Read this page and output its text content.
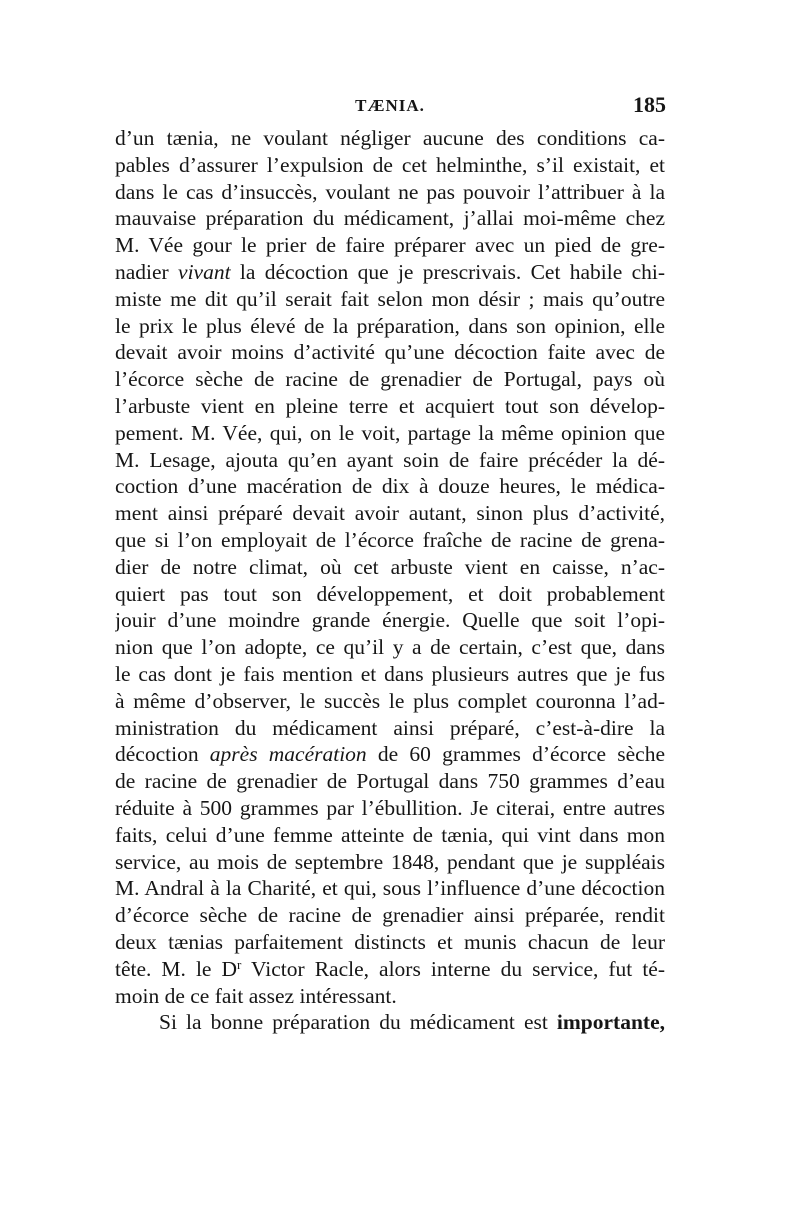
TÆNIA.	185
d’un tænia, ne voulant négliger aucune des conditions ca-
pables d’assurer l’expulsion de cet helminthe, s’il existait, et
dans le cas d’insuccès, voulant ne pas pouvoir l’attribuer à la
mauvaise préparation du médicament, j’allai moi-même chez
M. Vée gour le prier de faire préparer avec un pied de gre-
nadier vivant la décoction que je prescrivais. Cet habile chi-
miste me dit qu’il serait fait selon mon désir ; mais qu’outre
le prix le plus élevé de la préparation, dans son opinion, elle
devait avoir moins d’activité qu’une décoction faite avec de
l’écorce sèche de racine de grenadier de Portugal, pays où
l’arbuste vient en pleine terre et acquiert tout son dévelop-
pement. M. Vée, qui, on le voit, partage la même opinion que
M. Lesage, ajouta qu’en ayant soin de faire précéder la dé-
coction d’une macération de dix à douze heures, le médica-
ment ainsi préparé devait avoir autant, sinon plus d’activité,
que si l’on employait de l’écorce fraîche de racine de grena-
dier de notre climat, où cet arbuste vient en caisse, n’ac-
quiert pas tout son développement, et doit probablement
jouir d’une moindre grande énergie. Quelle que soit l’opi-
nion que l’on adopte, ce qu’il y a de certain, c’est que, dans
le cas dont je fais mention et dans plusieurs autres que je fus
à même d’observer, le succès le plus complet couronna l’ad-
ministration du médicament ainsi préparé, c’est-à-dire la
décoction après macération de 60 grammes d’écorce sèche
de racine de grenadier de Portugal dans 750 grammes d’eau
réduite à 500 grammes par l’ébullition. Je citerai, entre autres
faits, celui d’une femme atteinte de tænia, qui vint dans mon
service, au mois de septembre 1848, pendant que je suppléais
M. Andral à la Charité, et qui, sous l’influence d’une décoction
d’écorce sèche de racine de grenadier ainsi préparée, rendit
deux tænias parfaitement distincts et munis chacun de leur
tête. M. le $D^r$ Victor Racle, alors interne du service, fut té-
moin de ce fait assez intéressant.
Si la bonne préparation du médicament est importante,
